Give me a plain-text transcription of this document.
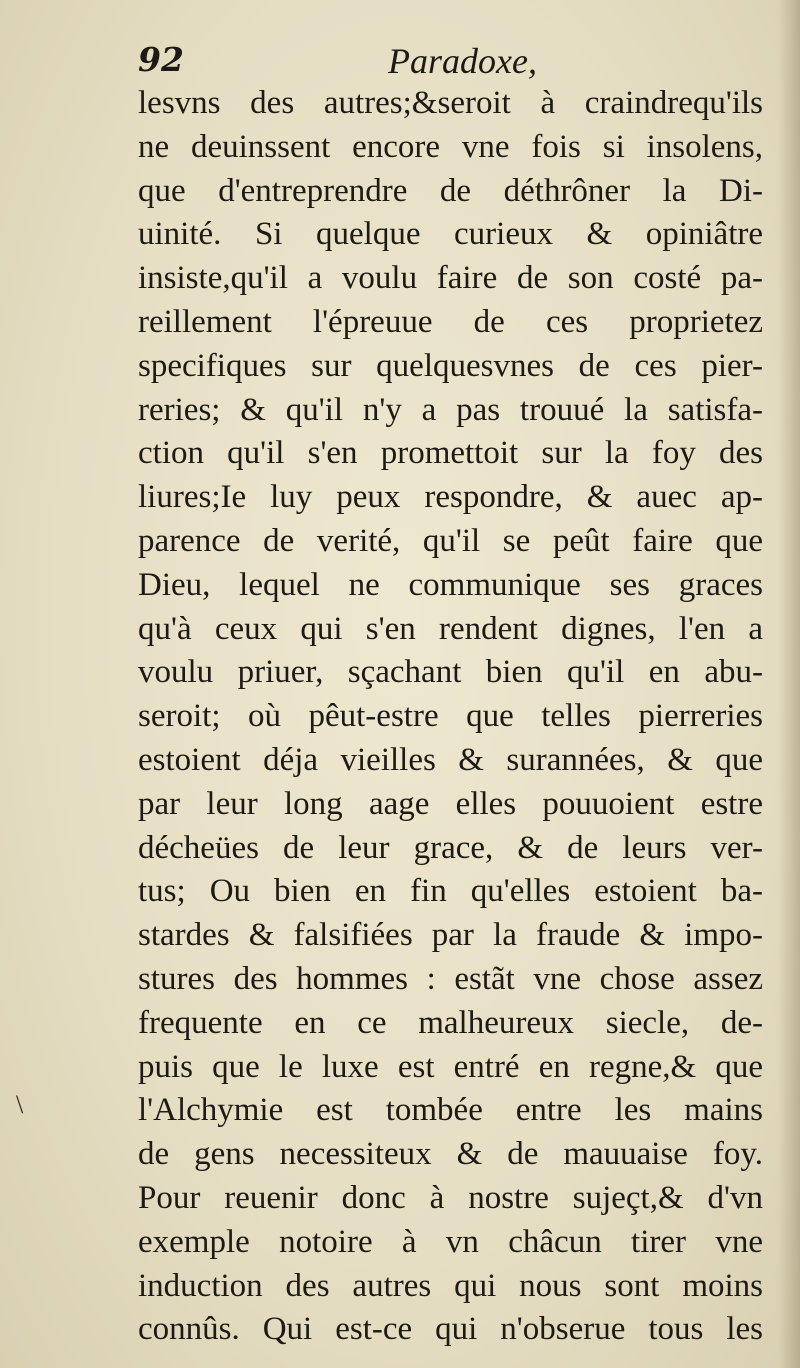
92	Paradoxe,
\
lesvns des autres;&seroit à craindrequ'ils
ne deuinssent encore vne fois si insolens,
que d'entreprendre de déthrôner la Di-
uinité. Si quelque curieux & opiniâtre
insiste,qu'il a voulu faire de son costé pa-
reillement l'épreuue de ces proprietez
specifiques sur quelquesvnes de ces pier-
reries; & qu'il n'y a pas trouué la satisfa-
ction qu'il s'en promettoit sur la foy des
liures;Ie luy peux respondre, & auec ap-
parence de verité, qu'il se peût faire que
Dieu, lequel ne communique ses graces
qu'à ceux qui s'en rendent dignes, l'en a
voulu priuer, sçachant bien qu'il en abu-
seroit; où pêut-estre que telles pierreries
estoient déja vieilles & surannées, & que
par leur long aage elles pouuoient estre
décheües de leur grace, & de leurs ver-
tus; Ou bien en fin qu'elles estoient ba-
stardes & falsifiées par la fraude & impo-
stures des hommes : estãt vne chose assez
frequente en ce malheureux siecle, de-
puis que le luxe est entré en regne,& que
l'Alchymie est tombée entre les mains
de gens necessiteux & de mauuaise foy.
Pour reuenir donc à nostre sujeçt,& d'vn
exemple notoire à vn châcun tirer vne
induction des autres qui nous sont moins
connûs. Qui est-ce qui n'obserue tous les
